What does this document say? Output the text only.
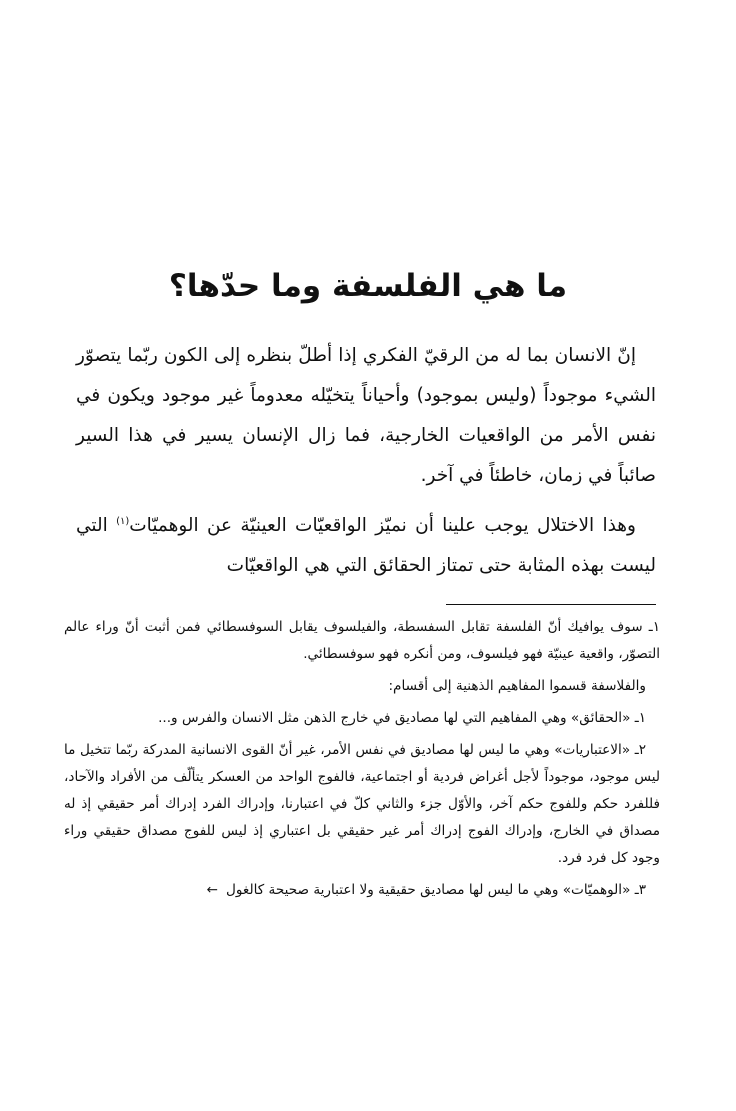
ما هي الفلسفة وما حدّها؟

إنّ الانسان بما له من الرقيّ الفكري إذا أطلّ بنظره إلى الكون ربّما يتصوّر الشيء موجوداً (وليس بموجود) وأحياناً يتخيّله معدوماً غير موجود ويكون في نفس الأمر من الواقعيات الخارجية، فما زال الإنسان يسير في هذا السير صائباً في زمان، خاطئاً في آخر.

وهذا الاختلال يوجب علينا أن نميّز الواقعيّات العينيّة عن الوهميّات$^{(١)}$ التي ليست بهذه المثابة حتى تمتاز الحقائق التي هي الواقعيّات

١ـ سوف يوافيك أنّ الفلسفة تقابل السفسطة، والفيلسوف يقابل السوفسطائي فمن أثبت أنّ وراء عالم التصوّر، واقعية عينيّة فهو فيلسوف، ومن أنكره فهو سوفسطائي.

والفلاسفة قسموا المفاهيم الذهنية إلى أقسام:

١ـ «الحقائق» وهي المفاهيم التي لها مصاديق في خارج الذهن مثل الانسان والفرس و...

٢ـ «الاعتباريات» وهي ما ليس لها مصاديق في نفس الأمر، غير أنّ القوى الانسانية المدركة ربّما تتخيل ما ليس موجود، موجوداً لأجل أغراض فردية أو اجتماعية، فالفوج الواحد من العسكر يتألّف من الأفراد والآحاد، فللفرد حكم وللفوج حكم آخر، والأوّل جزء والثاني كلّ في اعتبارنا، وإدراك الفرد إدراك أمر حقيقي إذ له مصداق في الخارج، وإدراك الفوج إدراك أمر غير حقيقي بل اعتباري إذ ليس للفوج مصداق حقيقي وراء وجود كل فرد فرد.

٣ـ «الوهميّات» وهي ما ليس لها مصاديق حقيقية ولا اعتبارية صحيحة كالغول←
